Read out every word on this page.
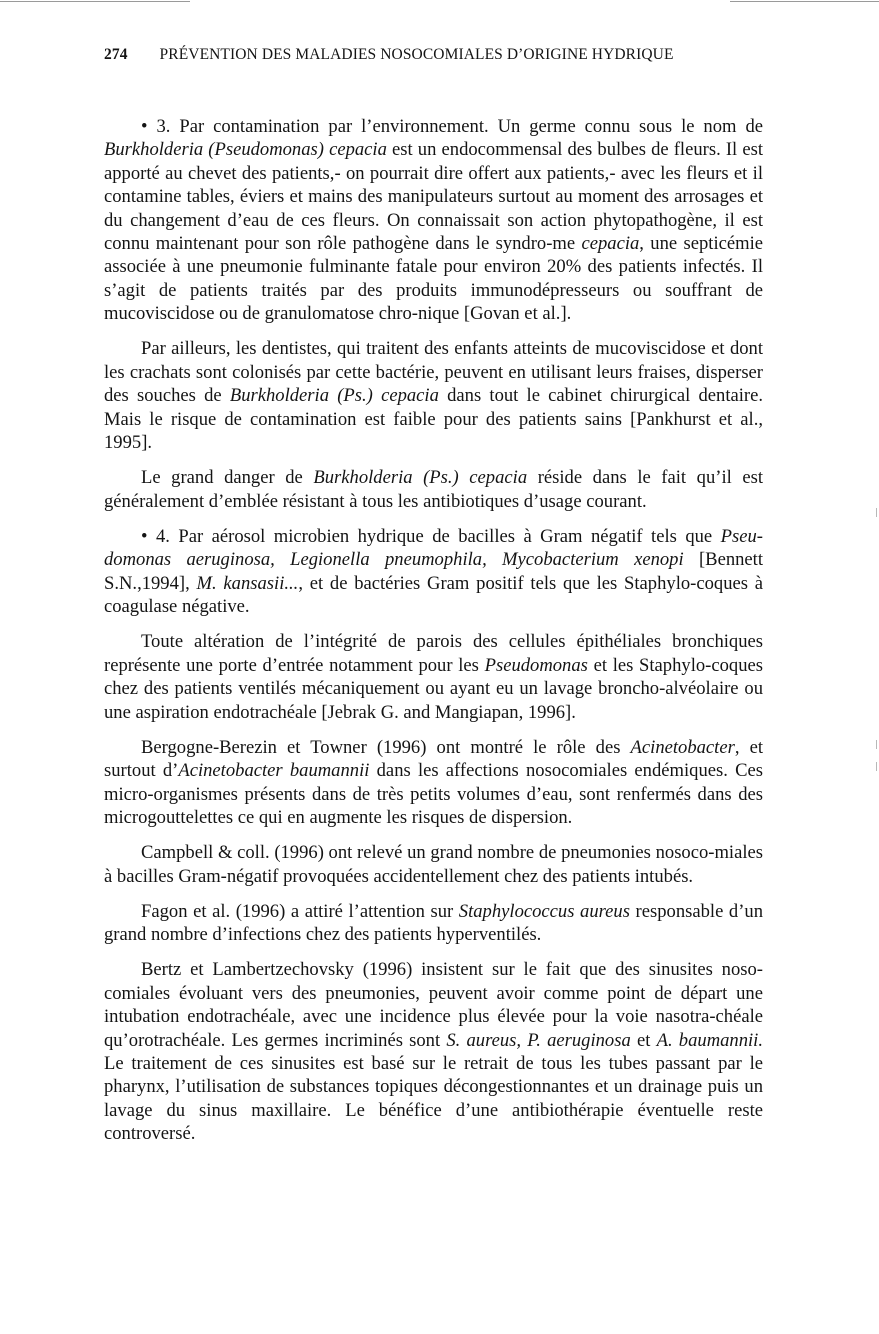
274 PRÉVENTION DES MALADIES NOSOCOMIALES D’ORIGINE HYDRIQUE

• 3. Par contamination par l’environnement. Un germe connu sous le nom de Burkholderia (Pseudomonas) cepacia est un endocommensal des bulbes de fleurs. Il est apporté au chevet des patients,- on pourrait dire offert aux patients,- avec les fleurs et il contamine tables, éviers et mains des manipulateurs surtout au moment des arrosages et du changement d’eau de ces fleurs. On connaissait son action phytopathogène, il est connu maintenant pour son rôle pathogène dans le syndro-me cepacia, une septicémie associée à une pneumonie fulminante fatale pour environ 20% des patients infectés. Il s’agit de patients traités par des produits immunodépresseurs ou souffrant de mucoviscidose ou de granulomatose chro-nique [Govan et al.].

Par ailleurs, les dentistes, qui traitent des enfants atteints de mucoviscidose et dont les crachats sont colonisés par cette bactérie, peuvent en utilisant leurs fraises, disperser des souches de Burkholderia (Ps.) cepacia dans tout le cabinet chirurgical dentaire. Mais le risque de contamination est faible pour des patients sains [Pankhurst et al., 1995].

Le grand danger de Burkholderia (Ps.) cepacia réside dans le fait qu’il est généralement d’emblée résistant à tous les antibiotiques d’usage courant.

• 4. Par aérosol microbien hydrique de bacilles à Gram négatif tels que Pseu-domonas aeruginosa, Legionella pneumophila, Mycobacterium xenopi [Bennett S.N.,1994], M. kansasii..., et de bactéries Gram positif tels que les Staphylo-coques à coagulase négative.

Toute altération de l’intégrité de parois des cellules épithéliales bronchiques représente une porte d’entrée notamment pour les Pseudomonas et les Staphylo-coques chez des patients ventilés mécaniquement ou ayant eu un lavage broncho-alvéolaire ou une aspiration endotrachéale [Jebrak G. and Mangiapan, 1996].

Bergogne-Berezin et Towner (1996) ont montré le rôle des Acinetobacter, et surtout d’Acinetobacter baumannii dans les affections nosocomiales endémiques. Ces micro-organismes présents dans de très petits volumes d’eau, sont renfermés dans des microgouttelettes ce qui en augmente les risques de dispersion.

Campbell & coll. (1996) ont relevé un grand nombre de pneumonies nosoco-miales à bacilles Gram-négatif provoquées accidentellement chez des patients intubés.

Fagon et al. (1996) a attiré l’attention sur Staphylococcus aureus responsable d’un grand nombre d’infections chez des patients hyperventilés.

Bertz et Lambertzechovsky (1996) insistent sur le fait que des sinusites noso-comiales évoluant vers des pneumonies, peuvent avoir comme point de départ une intubation endotrachéale, avec une incidence plus élevée pour la voie nasotra-chéale qu’orotrachéale. Les germes incriminés sont S. aureus, P. aeruginosa et A. baumannii. Le traitement de ces sinusites est basé sur le retrait de tous les tubes passant par le pharynx, l’utilisation de substances topiques décongestionnantes et un drainage puis un lavage du sinus maxillaire. Le bénéfice d’une antibiothérapie éventuelle reste controversé.
